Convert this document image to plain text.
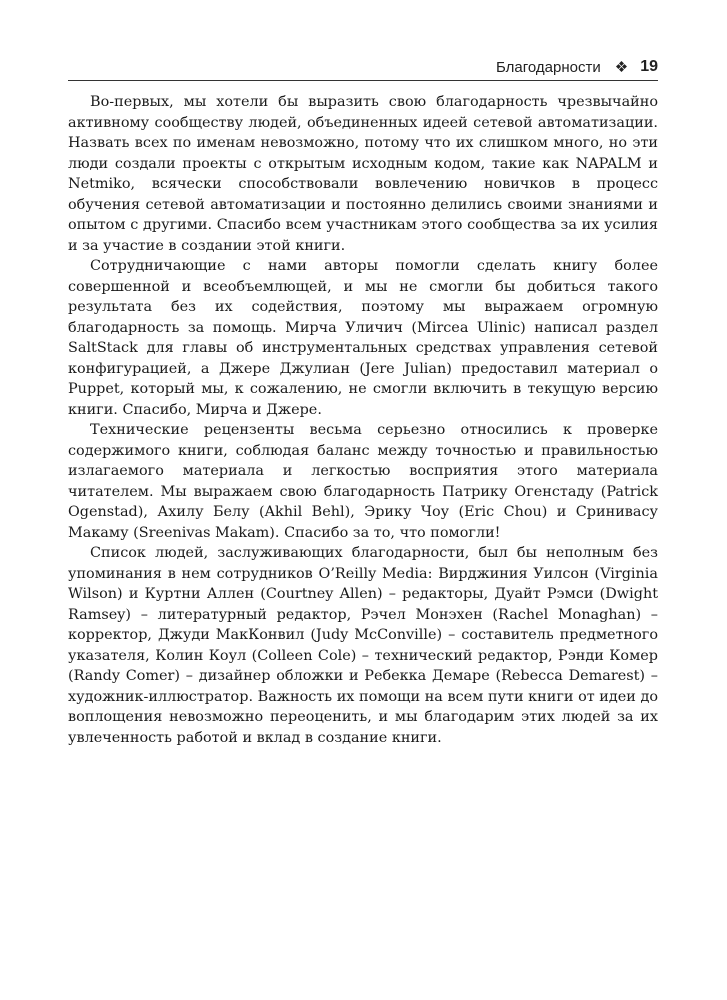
Благодарности ❖ 19

Во-первых, мы хотели бы выразить свою благодарность чрезвычайно активному сообществу людей, объединенных идеей сетевой автоматизации. Назвать всех по именам невозможно, потому что их слишком много, но эти люди создали проекты с открытым исходным кодом, такие как NAPALM и Netmiko, всячески способствовали вовлечению новичков в процесс обучения сетевой автоматизации и постоянно делились своими знаниями и опытом с другими. Спасибо всем участникам этого сообщества за их усилия и за участие в создании этой книги.

Сотрудничающие с нами авторы помогли сделать книгу более совершенной и всеобъемлющей, и мы не смогли бы добиться такого результата без их содействия, поэтому мы выражаем огромную благодарность за помощь. Мирча Уличич (Mircea Ulinic) написал раздел SaltStack для главы об инструментальных средствах управления сетевой конфигурацией, а Джере Джулиан (Jere Julian) предоставил материал о Puppet, который мы, к сожалению, не смогли включить в текущую версию книги. Спасибо, Мирча и Джере.

Технические рецензенты весьма серьезно относились к проверке содержимого книги, соблюдая баланс между точностью и правильностью излагаемого материала и легкостью восприятия этого материала читателем. Мы выражаем свою благодарность Патрику Огенстаду (Patrick Ogenstad), Ахилу Белу (Akhil Behl), Эрику Чоу (Eric Chou) и Сринивасу Макаму (Sreenivas Makam). Спасибо за то, что помогли!

Список людей, заслуживающих благодарности, был бы неполным без упоминания в нем сотрудников O’Reilly Media: Вирджиния Уилсон (Virginia Wilson) и Куртни Аллен (Courtney Allen) – редакторы, Дуайт Рэмси (Dwight Ramsey) – литературный редактор, Рэчел Монэхен (Rachel Monaghan) – корректор, Джуди МакКонвил (Judy McConville) – составитель предметного указателя, Колин Коул (Colleen Cole) – технический редактор, Рэнди Комер (Randy Comer) – дизайнер обложки и Ребекка Демаре (Rebecca Demarest) – художник-иллюстратор. Важность их помощи на всем пути книги от идеи до воплощения невозможно переоценить, и мы благодарим этих людей за их увлеченность работой и вклад в создание книги.
